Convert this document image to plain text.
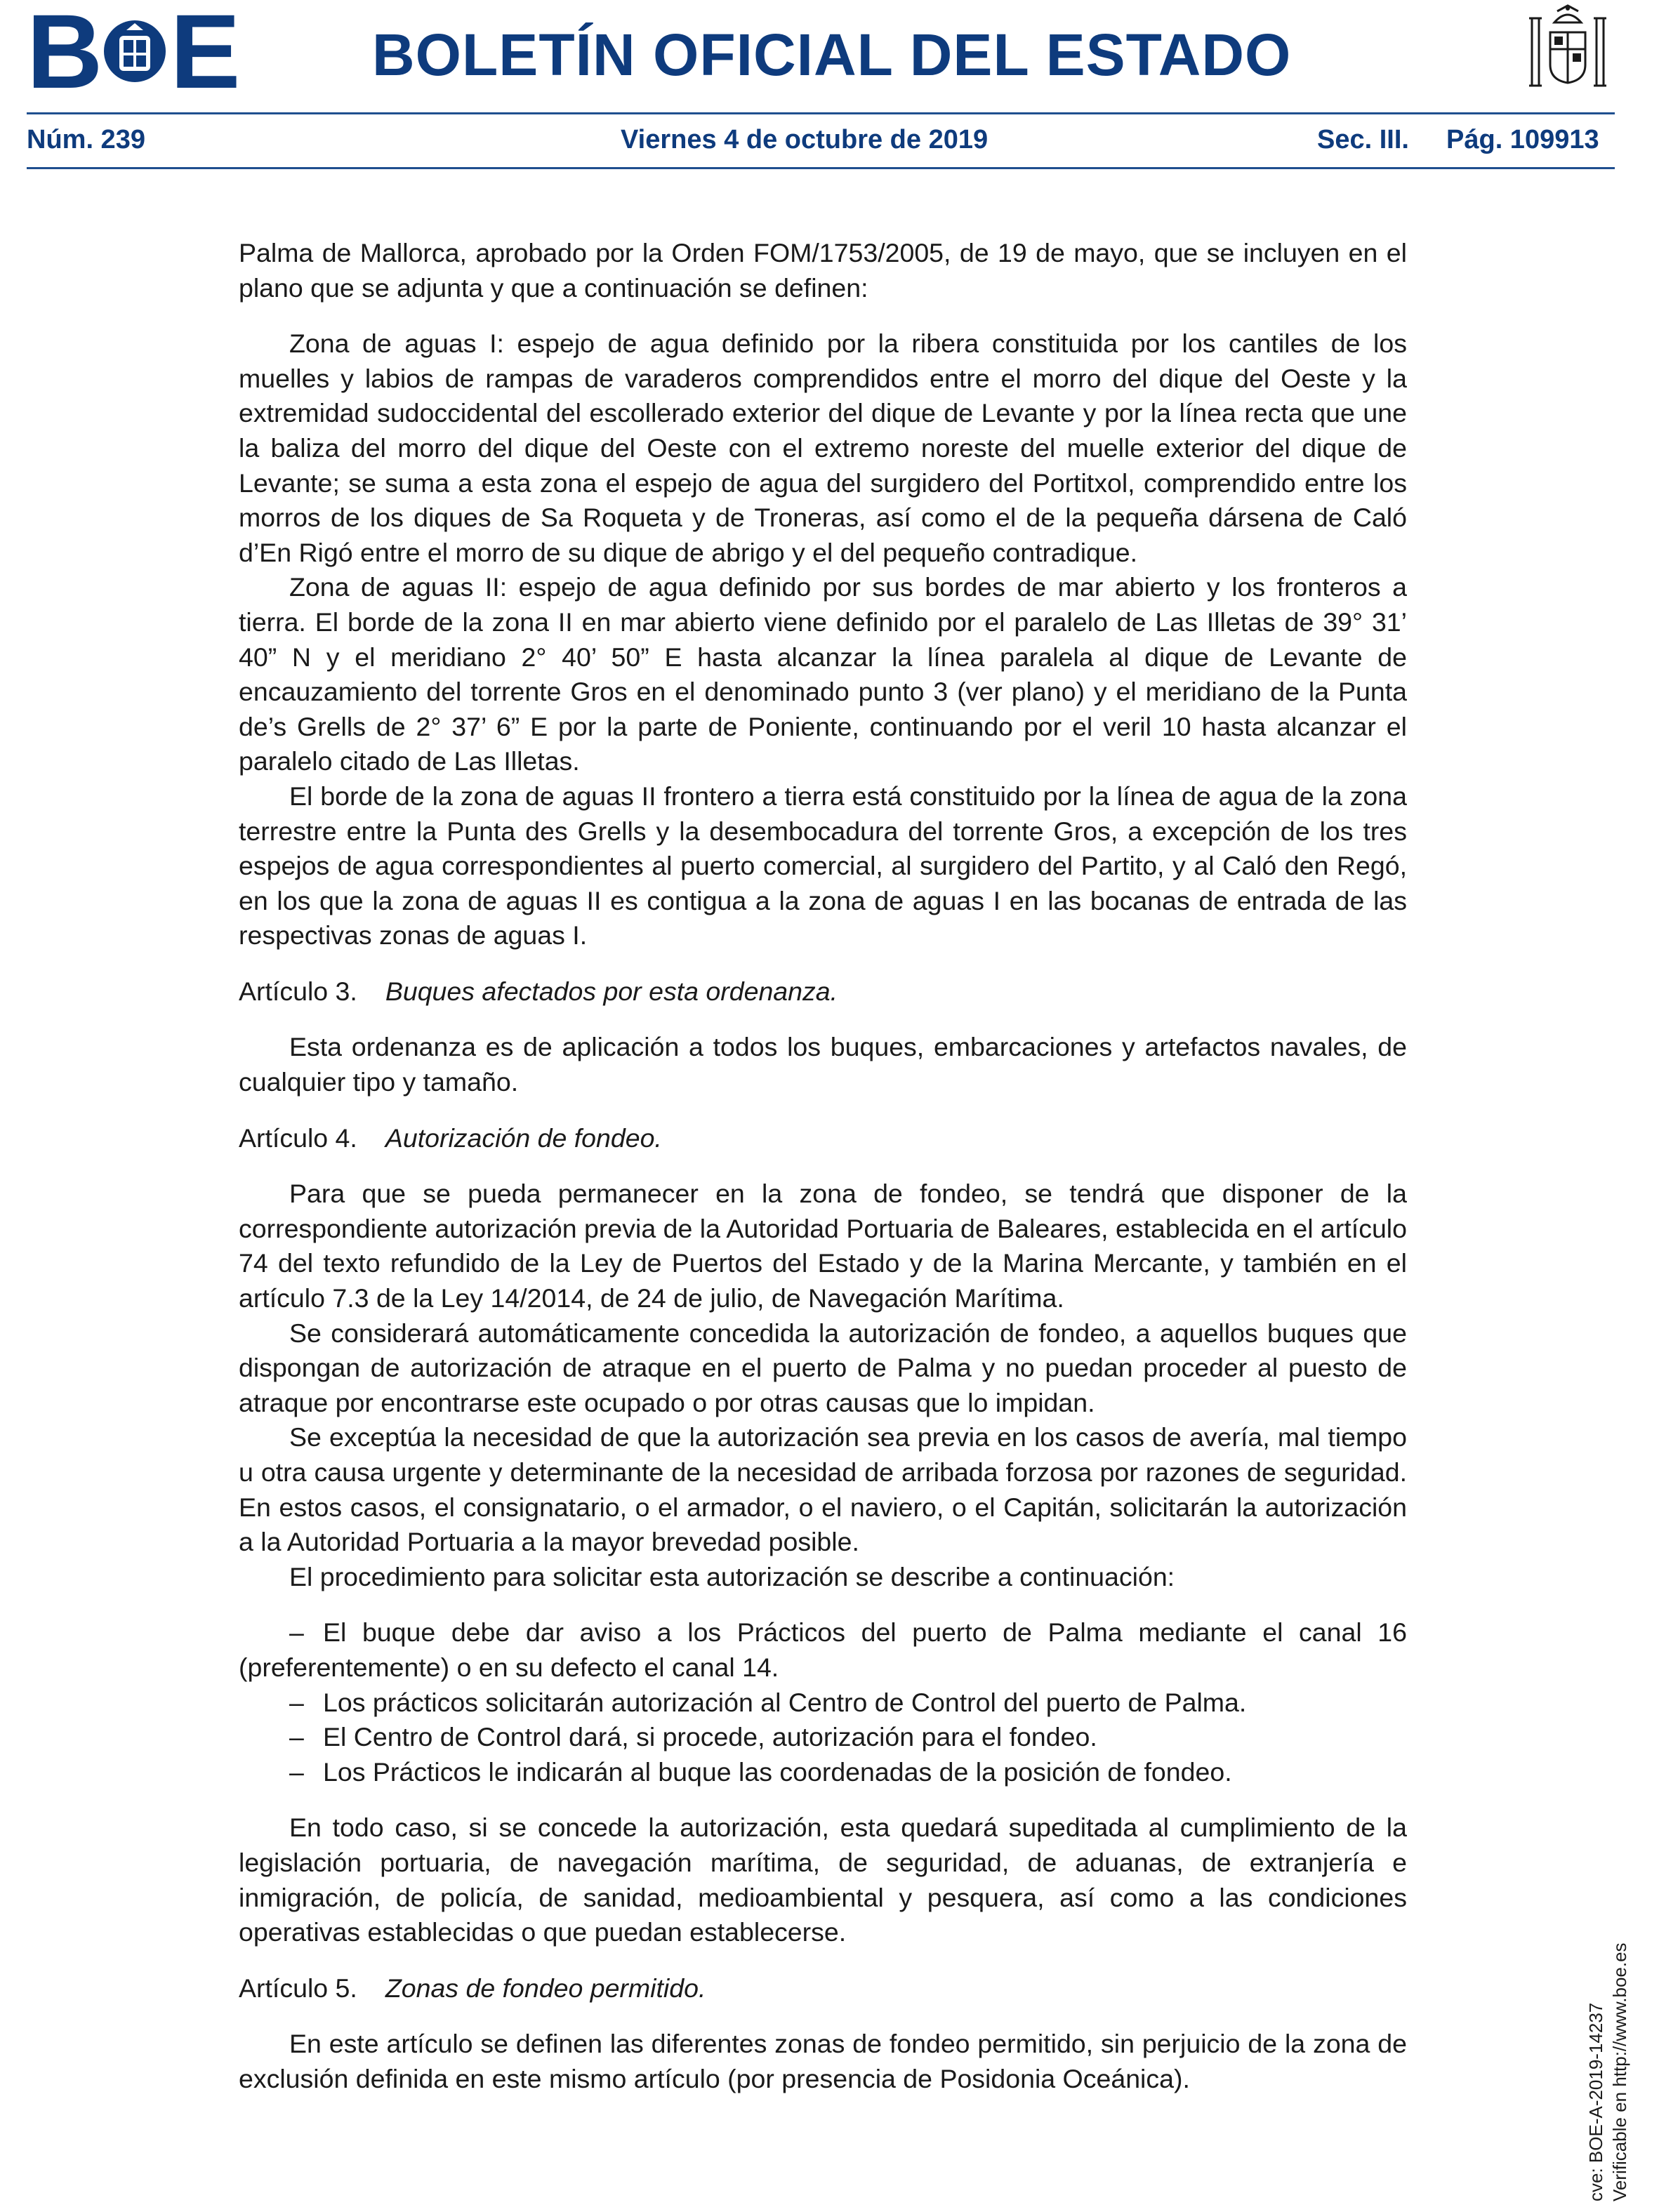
B E BOLETÍN OFICIAL DEL ESTADO
Núm. 239	Viernes 4 de octubre de 2019	Sec. III. Pág. 109913

Palma de Mallorca, aprobado por la Orden FOM/1753/2005, de 19 de mayo, que se incluyen en el plano que se adjunta y que a continuación se definen:

Zona de aguas I: espejo de agua definido por la ribera constituida por los cantiles de los muelles y labios de rampas de varaderos comprendidos entre el morro del dique del Oeste y la extremidad sudoccidental del escollerado exterior del dique de Levante y por la línea recta que une la baliza del morro del dique del Oeste con el extremo noreste del muelle exterior del dique de Levante; se suma a esta zona el espejo de agua del surgidero del Portitxol, comprendido entre los morros de los diques de Sa Roqueta y de Troneras, así como el de la pequeña dársena de Caló d’En Rigó entre el morro de su dique de abrigo y el del pequeño contradique.

Zona de aguas II: espejo de agua definido por sus bordes de mar abierto y los fronteros a tierra. El borde de la zona II en mar abierto viene definido por el paralelo de Las Illetas de 39° 31’ 40” N y el meridiano 2° 40’ 50” E hasta alcanzar la línea paralela al dique de Levante de encauzamiento del torrente Gros en el denominado punto 3 (ver plano) y el meridiano de la Punta de’s Grells de 2° 37’ 6” E por la parte de Poniente, continuando por el veril 10 hasta alcanzar el paralelo citado de Las Illetas.

El borde de la zona de aguas II frontero a tierra está constituido por la línea de agua de la zona terrestre entre la Punta des Grells y la desembocadura del torrente Gros, a excepción de los tres espejos de agua correspondientes al puerto comercial, al surgidero del Partito, y al Caló den Regó, en los que la zona de aguas II es contigua a la zona de aguas I en las bocanas de entrada de las respectivas zonas de aguas I.

Artículo 3. Buques afectados por esta ordenanza.

Esta ordenanza es de aplicación a todos los buques, embarcaciones y artefactos navales, de cualquier tipo y tamaño.

Artículo 4. Autorización de fondeo.

Para que se pueda permanecer en la zona de fondeo, se tendrá que disponer de la correspondiente autorización previa de la Autoridad Portuaria de Baleares, establecida en el artículo 74 del texto refundido de la Ley de Puertos del Estado y de la Marina Mercante, y también en el artículo 7.3 de la Ley 14/2014, de 24 de julio, de Navegación Marítima.

Se considerará automáticamente concedida la autorización de fondeo, a aquellos buques que dispongan de autorización de atraque en el puerto de Palma y no puedan proceder al puesto de atraque por encontrarse este ocupado o por otras causas que lo impidan.

Se exceptúa la necesidad de que la autorización sea previa en los casos de avería, mal tiempo u otra causa urgente y determinante de la necesidad de arribada forzosa por razones de seguridad. En estos casos, el consignatario, o el armador, o el naviero, o el Capitán, solicitarán la autorización a la Autoridad Portuaria a la mayor brevedad posible.

El procedimiento para solicitar esta autorización se describe a continuación:

– El buque debe dar aviso a los Prácticos del puerto de Palma mediante el canal 16 (preferentemente) o en su defecto el canal 14.

– Los prácticos solicitarán autorización al Centro de Control del puerto de Palma.

– El Centro de Control dará, si procede, autorización para el fondeo.

– Los Prácticos le indicarán al buque las coordenadas de la posición de fondeo.

En todo caso, si se concede la autorización, esta quedará supeditada al cumplimiento de la legislación portuaria, de navegación marítima, de seguridad, de aduanas, de extranjería e inmigración, de policía, de sanidad, medioambiental y pesquera, así como a las condiciones operativas establecidas o que puedan establecerse.

Artículo 5. Zonas de fondeo permitido.

En este artículo se definen las diferentes zonas de fondeo permitido, sin perjuicio de la zona de exclusión definida en este mismo artículo (por presencia de Posidonia Oceánica).	cve: BOE-A-2019-14237 Verificable en http://www.boe.es
